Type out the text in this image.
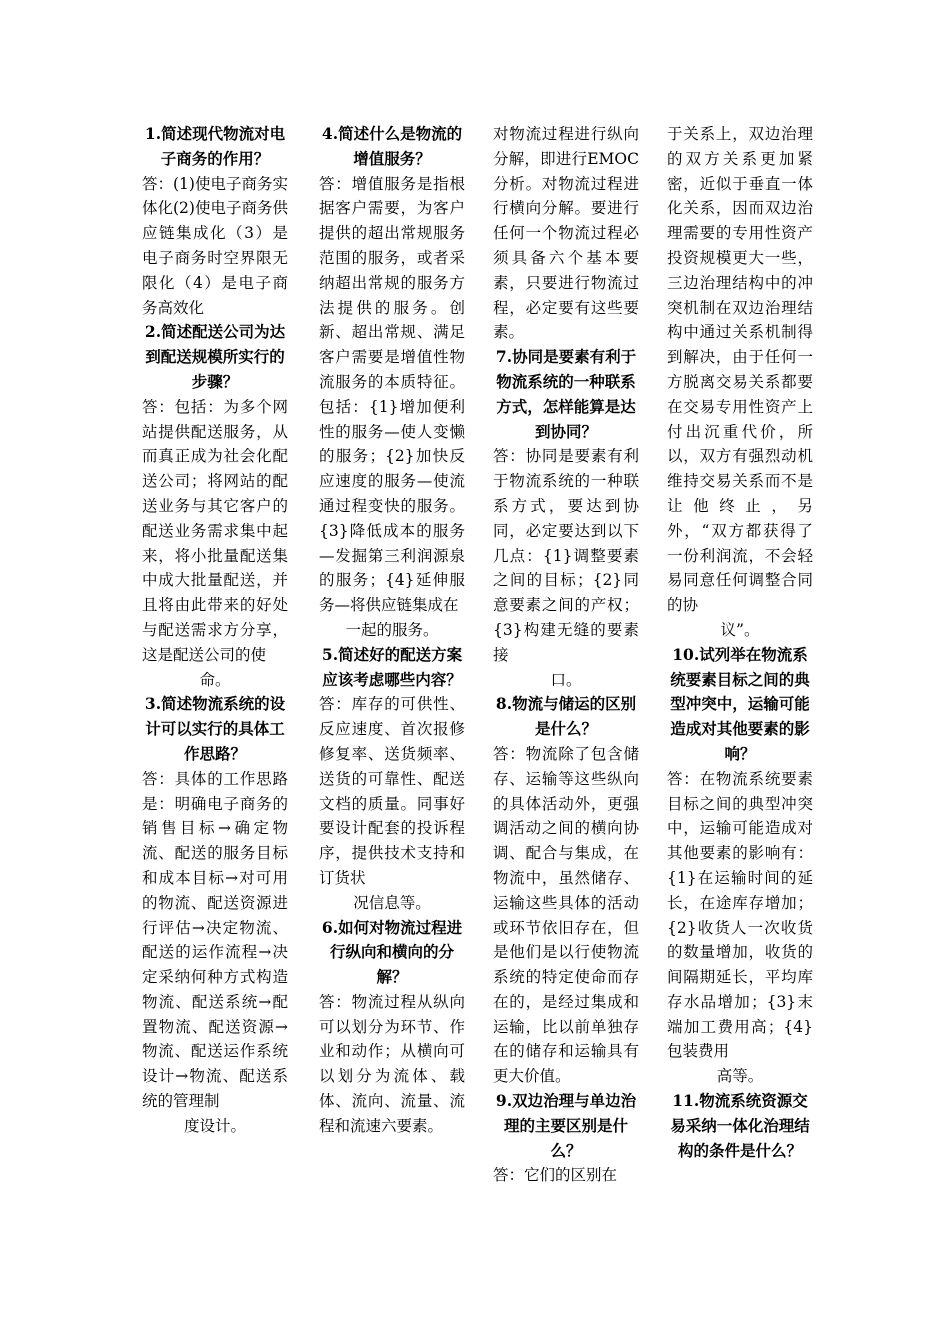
1.简述现代物流对电子商务的作用？

答：(1)使电子商务实体化(2)使电子商务供应链集成化（3）是电子商务时空界限无限化（4）是电子商务高效化

2.简述配送公司为达到配送规模所实行的步骤？

答：包括：为多个网站提供配送服务，从而真正成为社会化配送公司；将网站的配送业务与其它客户的配送业务需求集中起来，将小批量配送集中成大批量配送，并且将由此带来的好处与配送需求方分享，这是配送公司的使

命。

3.简述物流系统的设计可以实行的具体工作思路？

答：具体的工作思路是：明确电子商务的销售目标→确定物流、配送的服务目标和成本目标→对可用的物流、配送资源进行评估→决定物流、配送的运作流程→决定采纳何种方式构造物流、配送系统→配置物流、配送资源→物流、配送运作系统设计→物流、配送系统的管理制

度设计。

4.简述什么是物流的增值服务？

答：增值服务是指根据客户需要，为客户提供的超出常规服务范围的服务，或者采纳超出常规的服务方法提供的服务。创新、超出常规、满足客户需要是增值性物流服务的本质特征。包括：{1}增加便利性的服务—使人变懒的服务；{2}加快反应速度的服务—使流通过程变快的服务。{3}降低成本的服务—发掘第三利润源泉的服务；{4}延伸服务—将供应链集成在

一起的服务。

5.简述好的配送方案应该考虑哪些内容？

答：库存的可供性、反应速度、首次报修修复率、送货频率、送货的可靠性、配送文档的质量。同事好要设计配套的投诉程序，提供技术支持和订货状

况信息等。

6.如何对物流过程进行纵向和横向的分解？

答：物流过程从纵向可以划分为环节、作业和动作；从横向可以划分为流体、载体、流向、流量、流程和流速六要素。

对物流过程进行纵向分解，即进行EMOC分析。对物流过程进行横向分解。要进行任何一个物流过程必须具备六个基本要素，只要进行物流过程，必定要有这些要素。

7.协同是要素有利于物流系统的一种联系方式，怎样能算是达到协同？

答：协同是要素有利于物流系统的一种联系方式，要达到协同，必定要达到以下几点：{1}调整要素之间的目标；{2}同意要素之间的产权；{3}构建无缝的要素接

口。

8.物流与储运的区别是什么？

答：物流除了包含储存、运输等这些纵向的具体活动外，更强调活动之间的横向协调、配合与集成，在物流中，虽然储存、运输这些具体的活动或环节依旧存在，但是他们是以行使物流系统的特定使命而存在的，是经过集成和运输，比以前单独存在的储存和运输具有更大价值。

9.双边治理与单边治理的主要区别是什么？

答：它们的区别在

于关系上，双边治理的双方关系更加紧密，近似于垂直一体化关系，因而双边治理需要的专用性资产投资规模更大一些，三边治理结构中的冲突机制在双边治理结构中通过关系机制得到解决，由于任何一方脱离交易关系都要在交易专用性资产上付出沉重代价，所以，双方有强烈动机维持交易关系而不是让他终止，另外，“双方都获得了一份利润流，不会轻易同意任何调整合同的协

议”。

10.试列举在物流系统要素目标之间的典型冲突中，运输可能造成对其他要素的影响？

答：在物流系统要素目标之间的典型冲突中，运输可能造成对其他要素的影响有：{1}在运输时间的延长，在途库存增加；{2}收货人一次收货的数量增加，收货的间隔期延长，平均库存水品增加；{3}末端加工费用高；{4}包装费用

高等。

11.物流系统资源交易采纳一体化治理结构的条件是什么？
